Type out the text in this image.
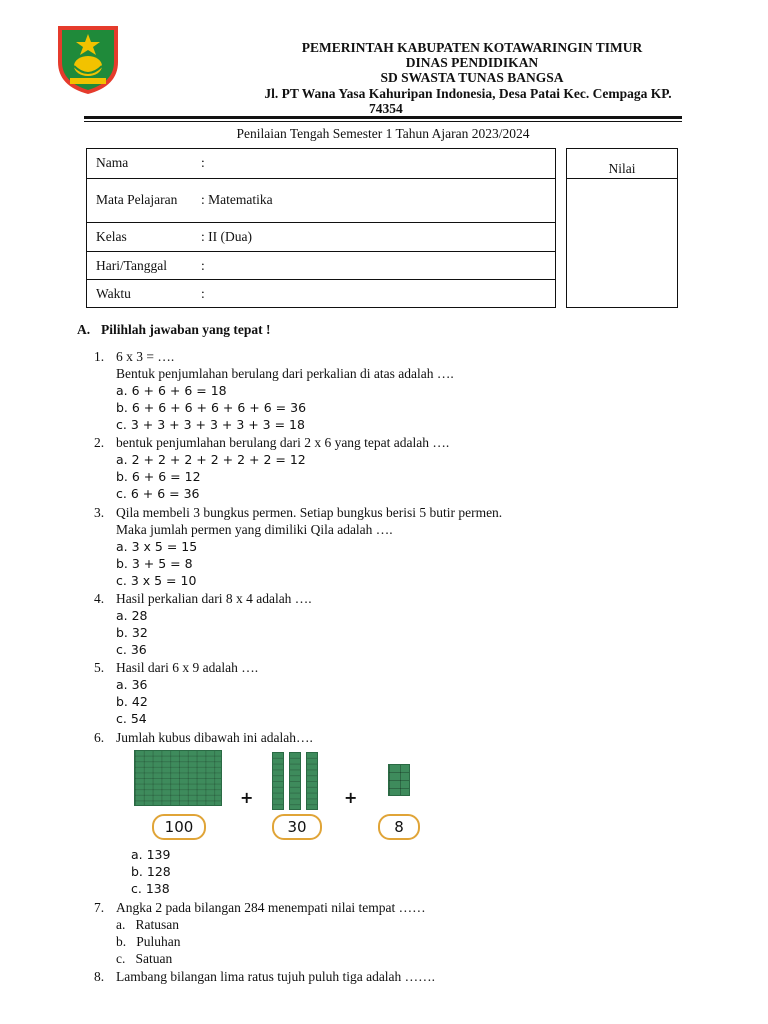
PEMERINTAH KABUPATEN KOTAWARINGIN TIMUR
DINAS PENDIDIKAN
SD SWASTA TUNAS BANGSA
Jl. PT Wana Yasa Kahuripan Indonesia, Desa Patai Kec. Cempaga KP.
74354
Penilaian Tengah Semester 1 Tahun Ajaran 2023/2024
Nama	:
Mata Pelajaran : Matematika
Kelas	: II (Dua)
Hari/Tanggal	:
Waktu	:
Nilai
A. Pilihlah jawaban yang tepat !
1. 6 x 3 = ….
Bentuk penjumlahan berulang dari perkalian di atas adalah ….
a. 6 + 6 + 6 = 18
b. 6 + 6 + 6 + 6 + 6 + 6 = 36
c. 3 + 3 + 3 + 3 + 3 + 3 = 18
2. bentuk penjumlahan berulang dari 2 x 6 yang tepat adalah ….
a. 2 + 2 + 2 + 2 + 2 + 2 = 12
b. 6 + 6 = 12
c. 6 + 6 = 36
3. Qila membeli 3 bungkus permen. Setiap bungkus berisi 5 butir permen.
Maka jumlah permen yang dimiliki Qila adalah ….
a. 3 x 5 = 15
b. 3 + 5 = 8
c. 3 x 5 = 10
4. Hasil perkalian dari 8 x 4 adalah ….
a. 28
b. 32
c. 36
5. Hasil dari 6 x 9 adalah ….
a. 36
b. 42
c. 54
6. Jumlah kubus dibawah ini adalah….
+	+
100	30	8
a. 139
b. 128
c. 138
7. Angka 2 pada bilangan 284 menempati nilai tempat ……
a.   Ratusan
b.   Puluhan
c.   Satuan
8. Lambang bilangan lima ratus tujuh puluh tiga adalah …….
